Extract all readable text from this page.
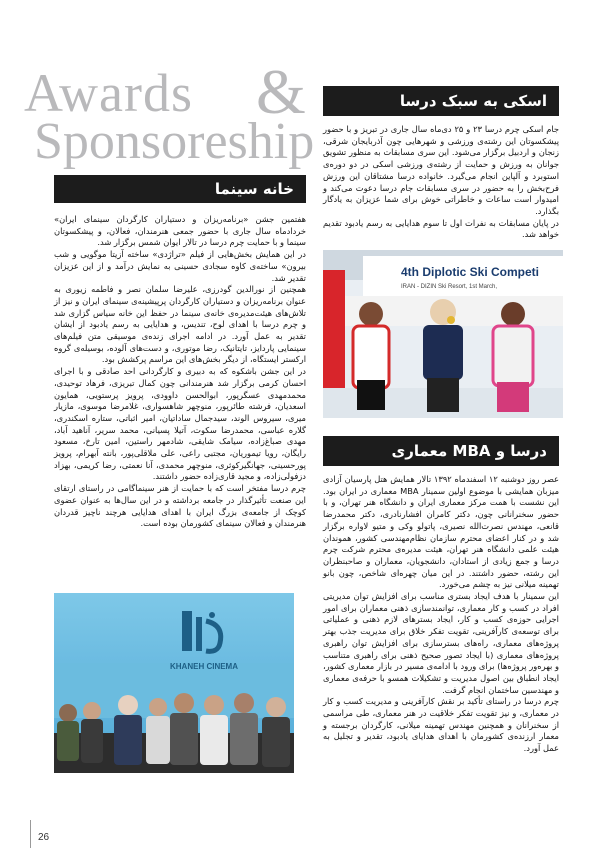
Awards &
Sponsoreship
خانه سینما
هفتمین جشن «برنامه‌ریزان و دستیاران کارگردان سینمای ایران» خرداد‌ماه سال جاری با حضور جمعی هنرمندان، فعالان، و پیشکسوتان سینما و با حمایت چرم درسا در تالار ایوان شمس برگزار شد.
در این همایش بخش‌هایی از فیلم «تراژدی» ساخته آزیتا موگویی و شب بیرون» ساخته‌ی کاوه سجادی حسینی به نمایش درآمد و از این عزیزان تقدیر شد.
همچنین از نورالدین گودرزی، علیرضا سلمان نصر و فاطمه زیوری به عنوان برنامه‌ریزان و دستیاران کارگردان پرپیشینه‌ی سینمای ایران و نیز از تلاش‌های هیئت‌مدیره‌ی خانه‌ی سینما در حفظ این خانه سیاس گزاری شد و چرم درسا با اهدای لوح، تندیس، و هدایایی به رسم یادبود از ایشان تقدیر به عمل آورد. در ادامه اجرای زنده‌ی موسیقی متن فیلم‌های سینمایی پاردایز، تایتانیک، رضا موتوری، و دست‌های آلوده، بوسیله‌ی گروه ارکستر ایستگاه، از دیگر بخش‌های این مراسم پرکشش بود.
در این جشن باشکوه که به دبیری و کارگردانی احد صادقی و با اجرای احسان کرمی برگزار شد هنرمندانی چون کمال تبریزی، فرهاد توحیدی، محمدمهدی عسگرپور، ابوالحسن داوودی، پرویز پرستویی، همایون اسعدیان، فرشته طائرپور، منوچهر شاهسواری، غلامرضا موسوی، مازیار میری، سیروس الوند، سیدجمال ساداتیان، امیر اثباتی، ستاره اسکندری، گلاره عباسی، محمدرضا سکوت، آتیلا پسیانی، محمد سریر، آناهید آباد، مهدی صباغ‌زاده، سیامک شایقی، شادمهر راستین، امین تارخ، مسعود رایگان، رویا تیموریان، مجتبی راعی، علی ملاقلی‌پور، بانته آبهرام، پرویز پورحسینی، جهانگیرکوثری، منوچهر محمدی، آنا نعمتی، رضا کریمی، بهزاد دزفولی‌زاده، و مجید قاری‌زاده حضور داشتند.
چرم درسا مفتخر است که با حمایت از هنر سینماگامی در راستای ارتقای این صنعت تأثیرگذار در جامعه برداشته و در این سال‌ها به عنوان عضوی کوچک از جامعه‌ی بزرگ ایران با اهدای هدایایی هرچند ناچیز قدردان هنرمندان و فعالان سینمای کشورمان بوده است.
KHANEH CINEMA
اسکی به سبک درسا
جام اسکی چرم درسا ۲۳ و ۲۵ دی‌ماه سال جاری در تبریز و با حضور پیشکسوتان این رشته‌ی ورزشی و شهرهایی چون آذربایجان شرقی، زنجان و اردبیل برگزار می‌شود. این سری مسابقات به منظور تشویق جوانان به ورزش و حمایت از رشته‌ی ورزشی اسکی در دو دوره‌ی استوبرد و آلپاین انجام می‌گیرد. خانواده درسا مشتاقان این ورزش فرح‌بخش را به حضور در سری مسابقات جام درسا دعوت می‌کند و امیدوار است ساعات و خاطراتی خوش برای شما عزیزان به یادگار بگذارد.
در پایان مسابقات به نفرات اول تا سوم هدایایی به رسم یادبود تقدیم خواهد شد.
4th Diplotic Ski Competi
IRAN - DIZIN Ski Resort, 1st March,
درسا و MBA معماری
عصر روز دوشنبه ۱۲ اسفندماه ۱۳۹۲ تالار همایش هتل پارسیان آزادی میزبان همایشی با موضوع اولین سمینار MBA معماری در ایران بود. این نشست با همت مرکز معماری ایران و دانشگاه هنر تهران، و با حضور سخنرانانی چون، دکتر کامران افشارنادری، دکتر محمدرضا قانعی، مهندس نصرت‌الله نصیری، پاتولو وکی و متیو لاواره برگزار شد و در کنار اعضای محترم سازمان نظام‌مهندسی کشور، هموندان هیئت علمی دانشگاه هنر تهران، هیئت مدیره‌ی محترم شرکت چرم درسا و جمع زیادی از استادان، دانشجویان، معماران و صاحبنظران این رشته، حضور داشتند. در این میان چهره‌ای شاخص، چون بانو تهمینه میلانی نیز به چشم می‌خورد.
این سمینار با هدف ایجاد بستری مناسب برای افزایش توان مدیریتی افراد در کسب و کار معماری، توانمندسازی ذهنی معماران برای امور اجرایی حوزه‌ی کسب و کار، ایجاد بسترهای لازم ذهنی و عملیاتی برای توسعه‌ی کارآفرینی، تقویت تفکر خلاق برای مدیریت جذب بهتر پروژه‌های معماری، راه‌های بسترسازی برای افزایش توان راهبری پروژه‌های معماری (با ایجاد تصور صحیح ذهنی برای راهبری متناسب و بهره‌ور پروژه‌ها) برای ورود با ادامه‌ی مسیر در بازار معماری کشور، ایجاد انطباق بین اصول مدیریت و تشکیلات همسو با حرفه‌ی معماری و مهندسین ساختمان انجام گرفت.
چرم درسا در راستای تأکید بر نقش کارآفرینی و مدیریت کسب و کار در معماری، و نیز تقویت تفکر خلاقیت در هنر معماری، طی مراسمی از سخنرانان و همچنین مهندس تهمینه میلانی، کارگردان برجسته و معمار ارزنده‌ی کشورمان با اهدای هدایای یادبود، تقدیر و تجلیل به عمل آورد.
26
